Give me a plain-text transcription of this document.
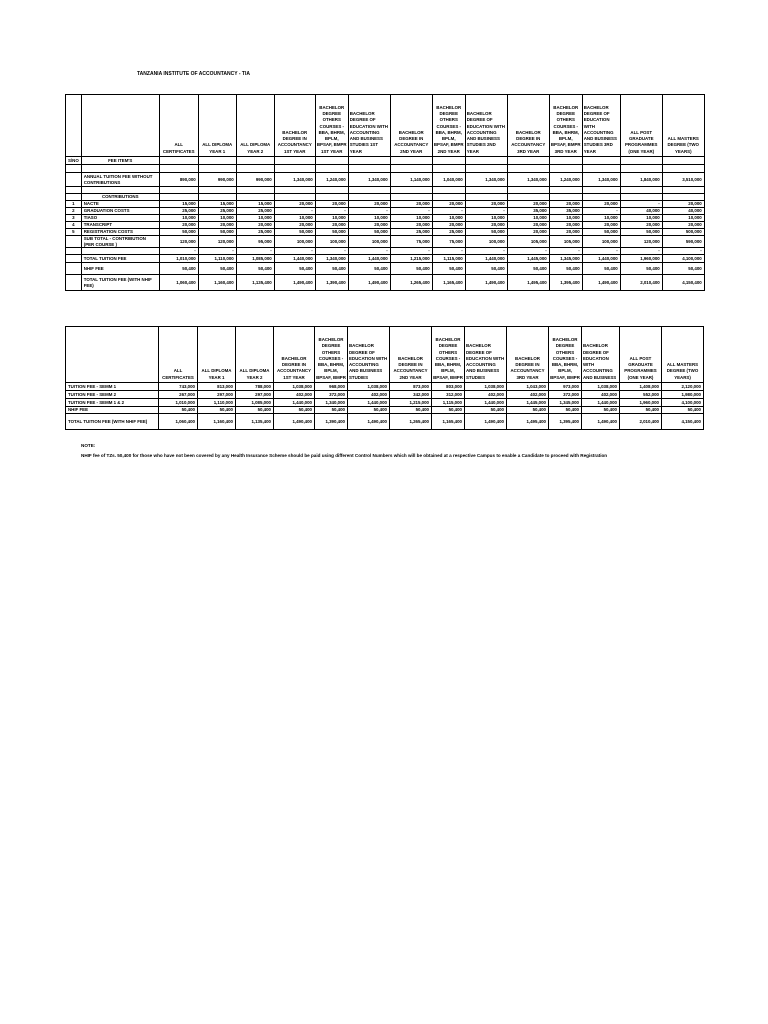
TANZANIA INSTITUTE OF ACCOUNTANCY - TIA
		ALL CERTIFICATES	ALL DIPLOMA YEAR 1	ALL DIPLOMA YEAR 2	BACHELOR DEGREE IN ACCOUNTANCY 1ST YEAR	BACHELOR DEGREE OTHERS COURSES - BBA, BHRM, BPLM, BPSAF, BMPR 1ST YEAR	BACHELOR DEGREE OF EDUCATION WITH ACCOUNTING AND BUSINESS STUDIES 1ST YEAR	BACHELOR DEGREE IN ACCOUNTANCY 2ND YEAR	BACHELOR DEGREE OTHERS COURSES - BBA, BHRM, BPLM, BPSAF, BMPR 2ND YEAR	BACHELOR DEGREE OF EDUCATION WITH ACCOUNTING AND BUSINESS STUDIES 2ND YEAR	BACHELOR DEGREE IN ACCOUNTANCY 3RD YEAR	BACHELOR DEGREE OTHERS COURSES - BBA, BHRM, BPLM, BPSAF, BMPR 3RD YEAR	BACHELOR DEGREE OF EDUCATION WITH ACCOUNTING AND BUSINESS STUDIES 3RD YEAR	ALL POST GRADUATE PROGRAMMES (ONE YEAR)	ALL MASTERS DEGREE (TWO YEARS)
S/NO	FEE ITEM'S														

	ANNUAL TUITION FEE WITHOUT CONTRIBUTIONS	890,000	990,000	990,000	1,340,000	1,240,000	1,340,000	1,140,000	1,040,000	1,340,000	1,340,000	1,240,000	1,340,000	1,840,000	3,510,000

	CONTRIBUTIONS														
1	NACTE	15,000	15,000	15,000	20,000	20,000	20,000	20,000	20,000	20,000	20,000	20,000	20,000	-	20,000
2	GRADUATION COSTS	25,000	25,000	25,000	-	-	-	-	-	-	35,000	35,000	-	40,000	40,000
3	TIASO	10,000	10,000	10,000	10,000	10,000	10,000	10,000	10,000	10,000	10,000	10,000	10,000	10,000	10,000
4	TRANSCRIPT	20,000	20,000	20,000	20,000	20,000	20,000	20,000	20,000	20,000	20,000	20,000	20,000	20,000	20,000
5	REGISTRATION COSTS	50,000	50,000	25,000	50,000	50,000	50,000	25,000	25,000	50,000	20,000	20,000	50,000	50,000	500,000
	SUB TOTAL - CONTRIBUTION (PER COURSE )	120,000	120,000	95,000	100,000	100,000	100,000	75,000	75,000	100,000	105,000	105,000	100,000	120,000	590,000
		-	-	-	-	-	-	-	-	-	-	-	-	-	-
	TOTAL TUITION FEE	1,010,000	1,110,000	1,085,000	1,440,000	1,340,000	1,440,000	1,215,000	1,115,000	1,440,000	1,445,000	1,345,000	1,440,000	1,960,000	4,100,000
	NHIF FEE	50,400	50,400	50,400	50,400	50,400	50,400	50,400	50,400	50,400	50,400	50,400	50,400	50,400	50,400
	TOTAL TUITION FEE (WITH NHIF FEE)	1,060,400	1,160,400	1,135,400	1,490,400	1,390,400	1,490,400	1,265,400	1,165,400	1,490,400	1,495,400	1,395,400	1,490,400	2,010,400	4,150,400
	ALL CERTIFICATES	ALL DIPLOMA YEAR 1	ALL DIPLOMA YEAR 2	BACHELOR DEGREE IN ACCOUNTANCY 1ST YEAR	BACHELOR DEGREE OTHERS COURSES - BBA, BHRM, BPLM, BPSAF, BMPR	BACHELOR DEGREE OF EDUCATION WITH ACCOUNTING AND BUSINESS STUDIES	BACHELOR DEGREE IN ACCOUNTANCY 2ND YEAR	BACHELOR DEGREE OTHERS COURSES - BBA, BHRM, BPLM, BPSAF, BMPR	BACHELOR DEGREE OF EDUCATION WITH ACCOUNTING AND BUSINESS STUDIES	BACHELOR DEGREE IN ACCOUNTANCY 3RD YEAR	BACHELOR DEGREE OTHERS COURSES - BBA, BHRM, BPLM, BPSAF, BMPR	BACHELOR DEGREE OF EDUCATION WITH ACCOUNTING AND BUSINESS	ALL POST GRADUATE PROGRAMMES (ONE YEAR)	ALL MASTERS DEGREE (TWO YEARS)
TUITION FEE - SEMM 1	743,000	813,000	788,000	1,038,000	968,000	1,038,000	873,000	803,000	1,038,000	1,043,000	973,000	1,038,000	1,408,000	2,120,000
TUITION FEE - SEMM 2	267,000	297,000	297,000	402,000	372,000	402,000	342,000	312,000	402,000	402,000	372,000	402,000	552,000	1,980,000
TUITION FEE - SEMM 1 & 2	1,010,000	1,110,000	1,085,000	1,440,000	1,340,000	1,440,000	1,215,000	1,115,000	1,440,000	1,445,000	1,345,000	1,440,000	1,960,000	4,100,000
NHIF FEE	50,400	50,400	50,400	50,400	50,400	50,400	50,400	50,400	50,400	50,400	50,400	50,400	50,400	50,400
TOTAL TUITION FEE (WITH NHIF FEE)	1,060,400	1,160,400	1,135,400	1,490,400	1,390,400	1,490,400	1,265,400	1,165,400	1,490,400	1,495,400	1,395,400	1,490,400	2,010,400	4,150,400
NOTE:
NHIF fee of TZs. 50,400 for those who have not been covered by any Health Insurance Scheme should be paid using different Control Numbers which will be obtained at a respective Campus to enable a Candidate to proceed with Registration
